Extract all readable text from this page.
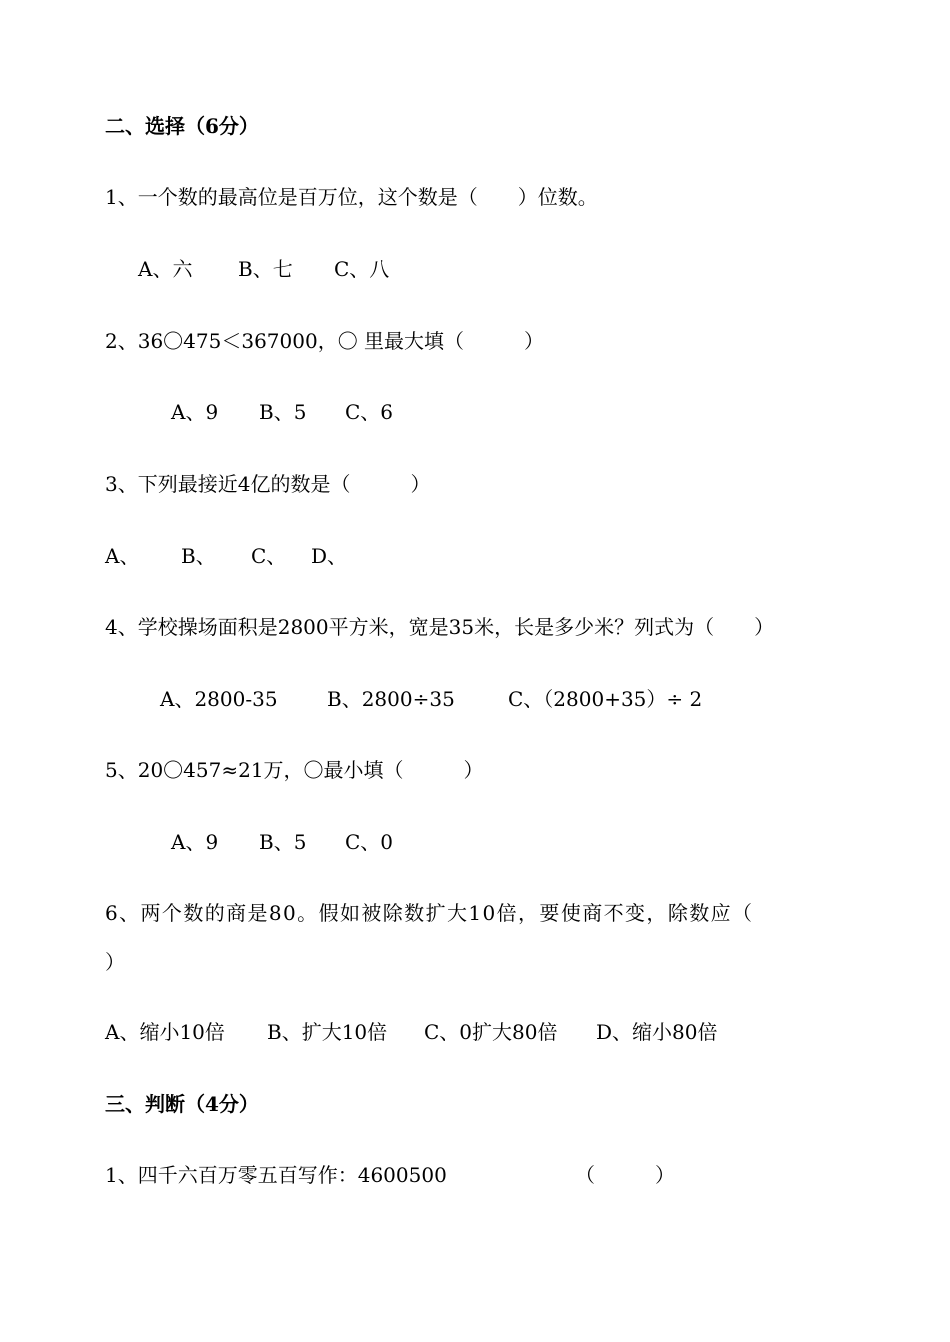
二、选择（6分）
1、一个数的最高位是百万位，这个数是（　　）位数。
A、六 B、七 C、八
2、36〇475＜367000，〇 里最大填（　　　）
A、9 B、5 C、6
3、下列最接近4亿的数是（　　　）
A、 B、 C、 D、
4、学校操场面积是2800平方米，宽是35米，长是多少米？列式为（　　）
A、2800-35 B、2800÷35	C、（2800+35）÷ 2
5、20〇457≈21万，〇最小填（　　　）
A、9 B、5 C、0
6、两个数的商是80。假如被除数扩大10倍，要使商不变，除数应（
）
A、缩小10倍 B、扩大10倍 C、0扩大80倍 D、缩小80倍
三、判断（4分）
1、四千六百万零五百写作：4600500	（　　　）
